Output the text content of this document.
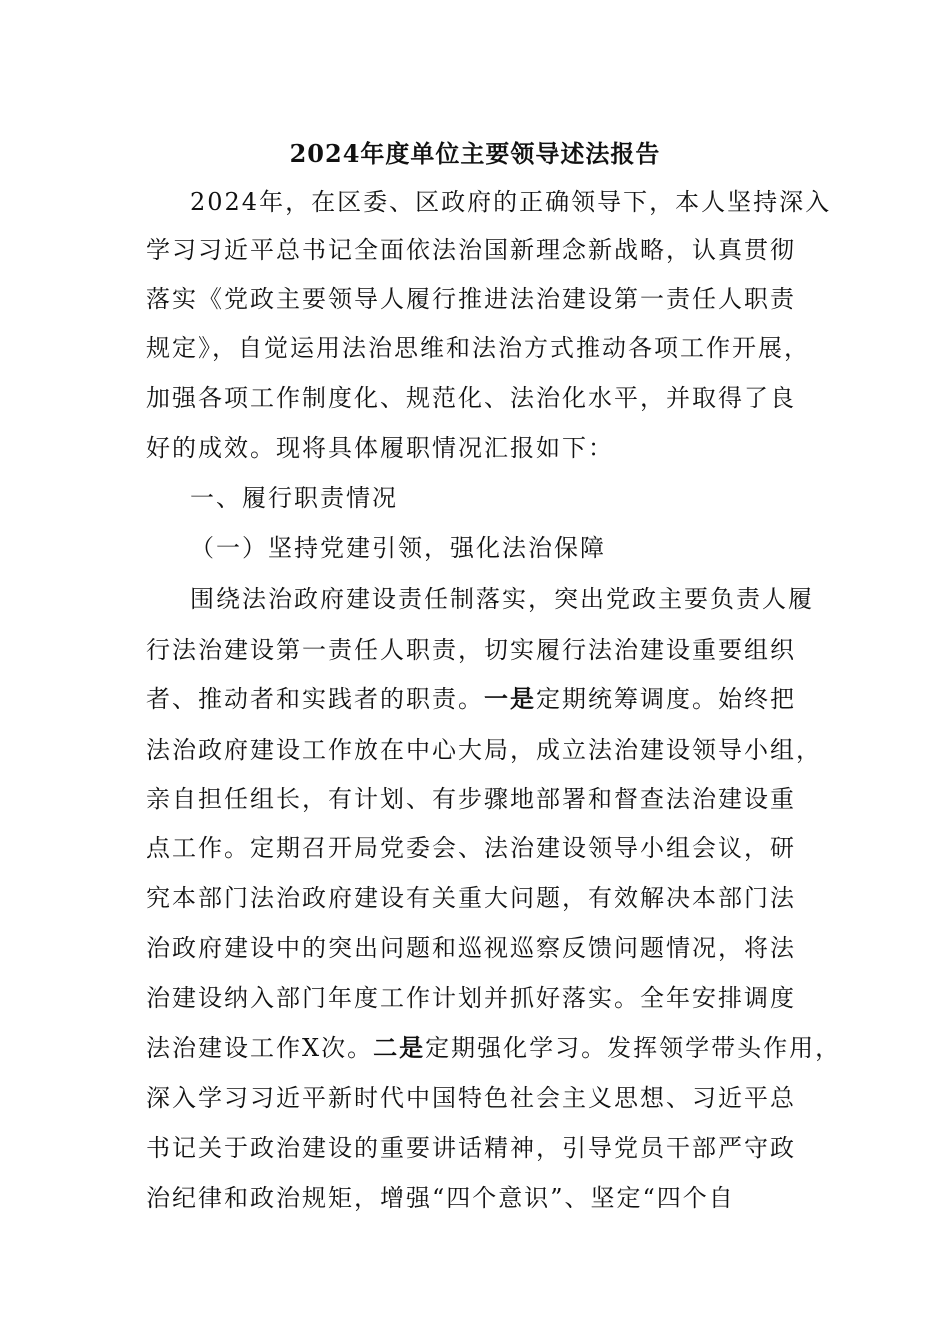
2024年度单位主要领导述法报告
2024年，在区委、区政府的正确领导下，本人坚持深入
学习习近平总书记全面依法治国新理念新战略，认真贯彻
落实《党政主要领导人履行推进法治建设第一责任人职责
规定》，自觉运用法治思维和法治方式推动各项工作开展，
加强各项工作制度化、规范化、法治化水平，并取得了良
好的成效。现将具体履职情况汇报如下：
一、履行职责情况
（一）坚持党建引领，强化法治保障
围绕法治政府建设责任制落实，突出党政主要负责人履
行法治建设第一责任人职责，切实履行法治建设重要组织
者、推动者和实践者的职责。一是定期统筹调度。始终把
法治政府建设工作放在中心大局，成立法治建设领导小组，
亲自担任组长，有计划、有步骤地部署和督查法治建设重
点工作。定期召开局党委会、法治建设领导小组会议，研
究本部门法治政府建设有关重大问题，有效解决本部门法
治政府建设中的突出问题和巡视巡察反馈问题情况，将法
治建设纳入部门年度工作计划并抓好落实。全年安排调度
法治建设工作X次。二是定期强化学习。发挥领学带头作用，
深入学习习近平新时代中国特色社会主义思想、习近平总
书记关于政治建设的重要讲话精神，引导党员干部严守政
治纪律和政治规矩，增强“四个意识”、坚定“四个自
